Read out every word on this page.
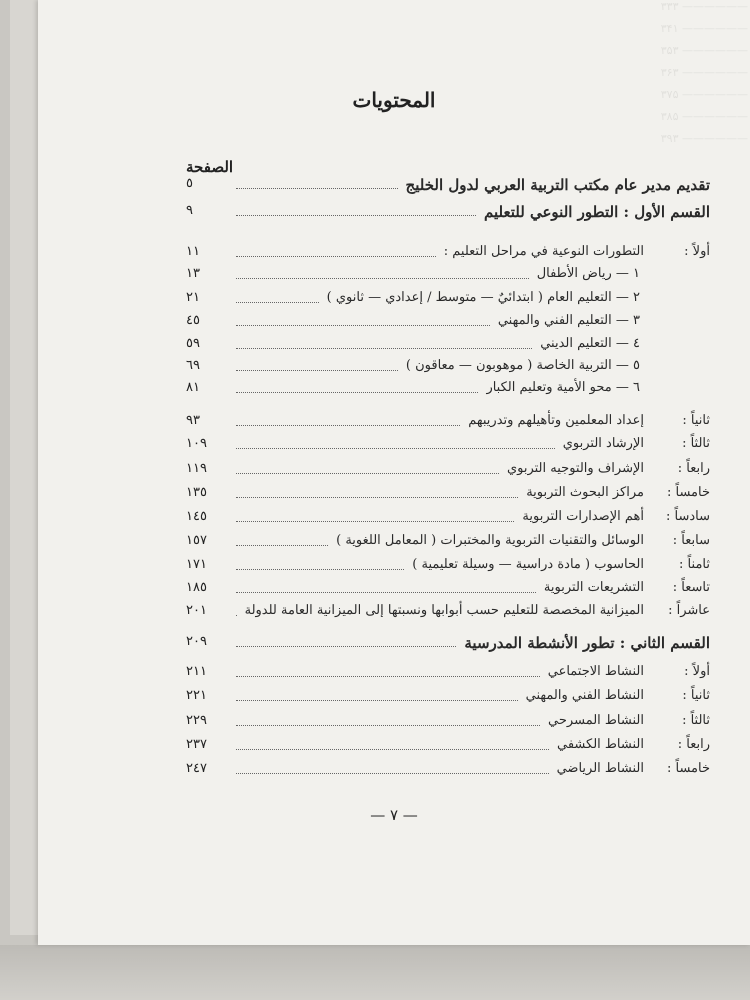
—————— ۳۳۳
—————— ۳۴۱
—————— ۳۵۳
—————— ۳۶۳
—————— ۳۷۵
—————— ۳۸۵
—————— ۳۹۳
المحتويات
الصفحة
تقديم مدير عام مكتب التربية العربي لدول الخليج
٥
القسم الأول : التطور النوعي للتعليم
٩
أولاً :
التطورات النوعية في مراحل التعليم :
١١
١ — رياض الأطفال
١٣
٢ — التعليم العام ( ابتدائيٌ — متوسط / إعدادي — ثانوي )
٢١
٣ — التعليم الفني والمهني
٤٥
٤ — التعليم الديني
٥٩
٥ — التربية الخاصة ( موهوبون — معاقون )
٦٩
٦ — محو الأمية وتعليم الكبار
٨١
ثانياً :
إعداد المعلمين وتأهيلهم وتدريبهم
٩٣
ثالثاً :
الإرشاد التربوي
١٠٩
رابعاً :
الإشراف والتوجيه التربوي
١١٩
خامساً :
مراكز البحوث التربوية
١٣٥
سادساً :
أهم الإصدارات التربوية
١٤٥
سابعاً :
الوسائل والتقنيات التربوية والمختبرات ( المعامل اللغوية )
١٥٧
ثامناً :
الحاسوب ( مادة دراسية — وسيلة تعليمية )
١٧١
تاسعاً :
التشريعات التربوية
١٨٥
عاشراً :
الميزانية المخصصة للتعليم حسب أبوابها ونسبتها إلى الميزانية العامة للدولة
٢٠١
القسم الثاني : تطور الأنشطة المدرسية
٢٠٩
أولاً :
النشاط الاجتماعي
٢١١
ثانياً :
النشاط الفني والمهني
٢٢١
ثالثاً :
النشاط المسرحي
٢٢٩
رابعاً :
النشاط الكشفي
٢٣٧
خامساً :
النشاط الرياضي
٢٤٧
— ٧ —
